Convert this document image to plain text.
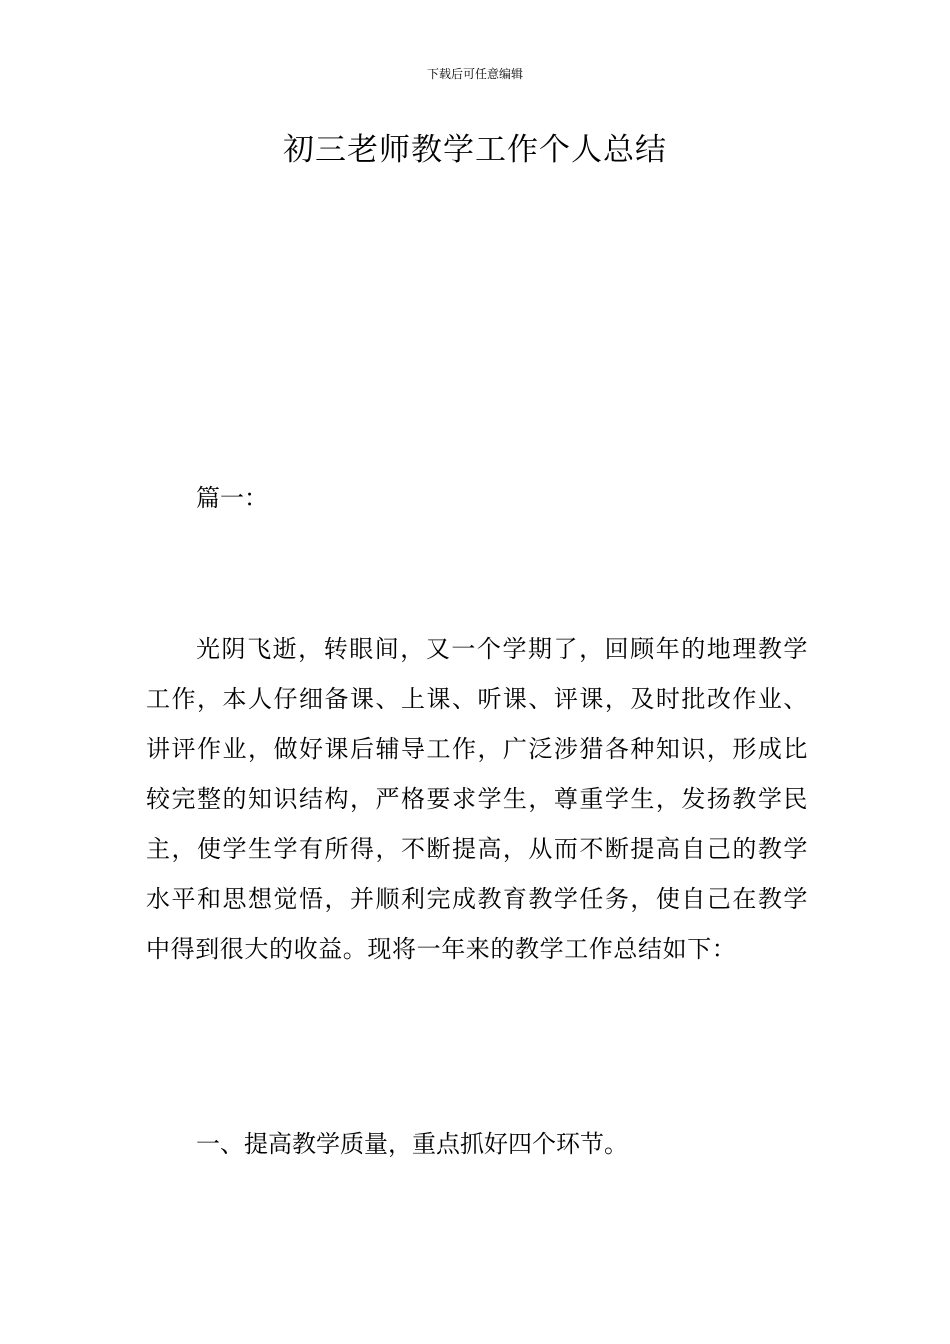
下载后可任意编辑
初三老师教学工作个人总结
篇一：

光阴飞逝，转眼间，又一个学期了，回顾年的地理教学工作，本人仔细备课、上课、听课、评课，及时批改作业、讲评作业，做好课后辅导工作，广泛涉猎各种知识，形成比较完整的知识结构，严格要求学生，尊重学生，发扬教学民主，使学生学有所得，不断提高，从而不断提高自己的教学水平和思想觉悟，并顺利完成教育教学任务，使自己在教学中得到很大的收益。现将一年来的教学工作总结如下：

一、提高教学质量，重点抓好四个环节。
